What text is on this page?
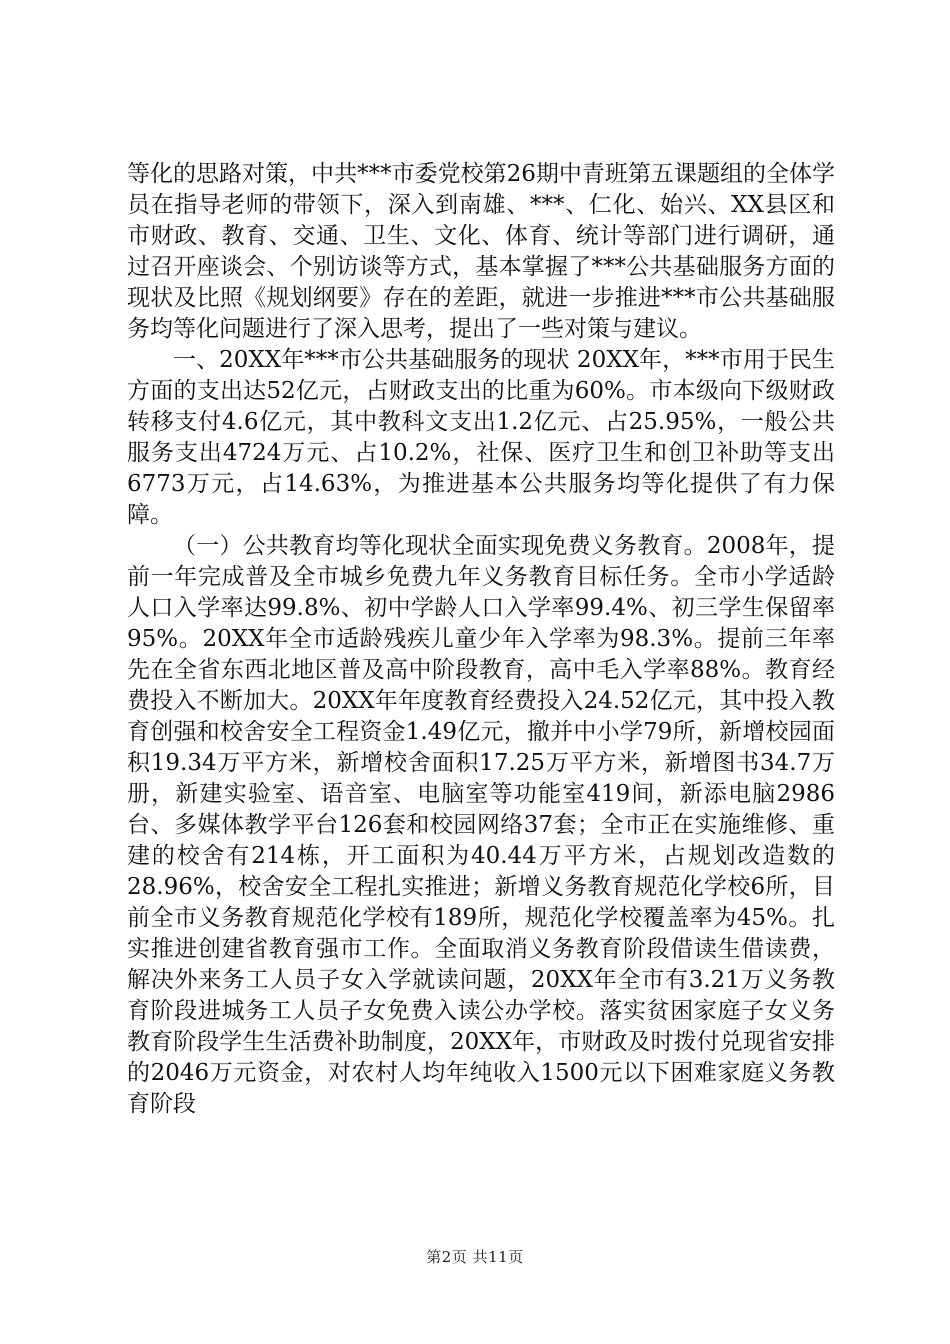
等化的思路对策，中共***市委党校第26期中青班第五课题组的全体学员在指导老师的带领下，深入到南雄、***、仁化、始兴、XX县区和市财政、教育、交通、卫生、文化、体育、统计等部门进行调研，通过召开座谈会、个别访谈等方式，基本掌握了***公共基础服务方面的现状及比照《规划纲要》存在的差距，就进一步推进***市公共基础服务均等化问题进行了深入思考，提出了一些对策与建议。

一、20XX年***市公共基础服务的现状 20XX年，***市用于民生方面的支出达52亿元，占财政支出的比重为60%。市本级向下级财政转移支付4.6亿元，其中教科文支出1.2亿元、占25.95%，一般公共服务支出4724万元、占10.2%，社保、医疗卫生和创卫补助等支出6773万元，占14.63%，为推进基本公共服务均等化提供了有力保障。

（一）公共教育均等化现状全面实现免费义务教育。2008年，提前一年完成普及全市城乡免费九年义务教育目标任务。全市小学适龄人口入学率达99.8%、初中学龄人口入学率99.4%、初三学生保留率95%。20XX年全市适龄残疾儿童少年入学率为98.3%。提前三年率先在全省东西北地区普及高中阶段教育，高中毛入学率88%。教育经费投入不断加大。20XX年年度教育经费投入24.52亿元，其中投入教育创强和校舍安全工程资金1.49亿元，撤并中小学79所，新增校园面积19.34万平方米，新增校舍面积17.25万平方米，新增图书34.7万册，新建实验室、语音室、电脑室等功能室419间，新添电脑2986台、多媒体教学平台126套和校园网络37套；全市正在实施维修、重建的校舍有214栋，开工面积为40.44万平方米，占规划改造数的28.96%，校舍安全工程扎实推进；新增义务教育规范化学校6所，目前全市义务教育规范化学校有189所，规范化学校覆盖率为45%。扎实推进创建省教育强市工作。全面取消义务教育阶段借读生借读费，解决外来务工人员子女入学就读问题，20XX年全市有3.21万义务教育阶段进城务工人员子女免费入读公办学校。落实贫困家庭子女义务教育阶段学生生活费补助制度，20XX年，市财政及时拨付兑现省安排的2046万元资金，对农村人均年纯收入1500元以下困难家庭义务教育阶段

第2页 共11页
